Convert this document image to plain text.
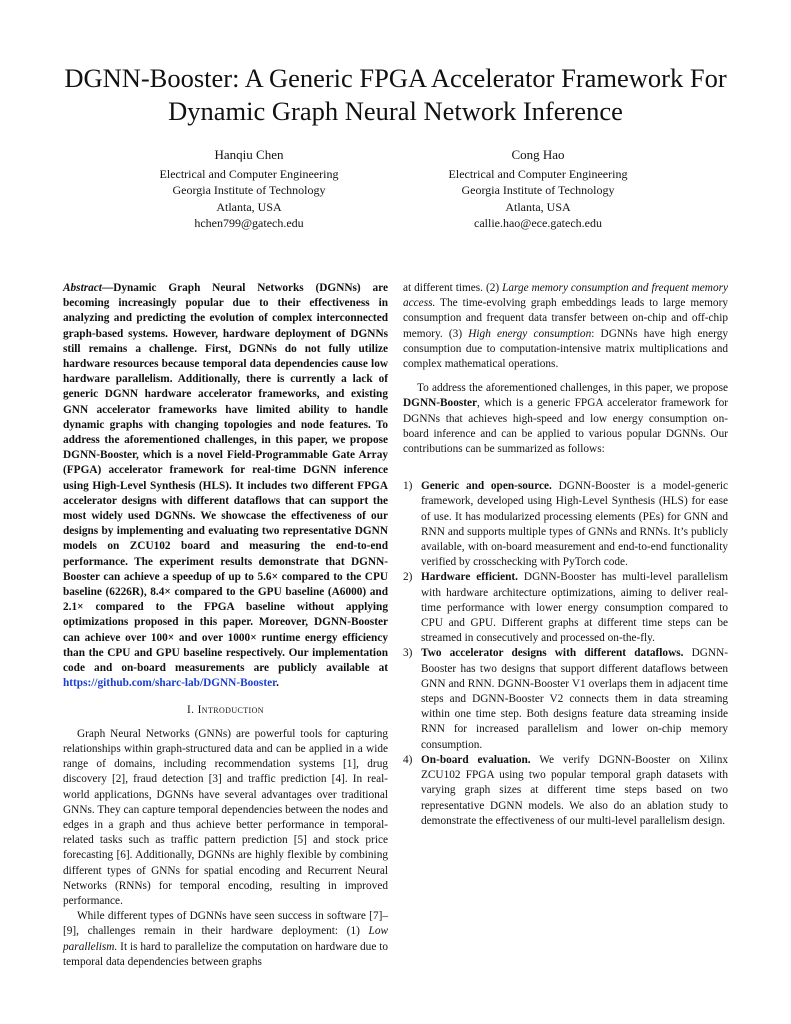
DGNN-Booster: A Generic FPGA Accelerator Framework For
Dynamic Graph Neural Network Inference
Hanqiu Chen
Electrical and Computer Engineering
Georgia Institute of Technology
Atlanta, USA
hchen799@gatech.edu
Cong Hao
Electrical and Computer Engineering
Georgia Institute of Technology
Atlanta, USA
callie.hao@ece.gatech.edu

Abstract—Dynamic Graph Neural Networks (DGNNs) are becoming increasingly popular due to their effectiveness in analyzing and predicting the evolution of complex interconnected graph-based systems. However, hardware deployment of DGNNs still remains a challenge. First, DGNNs do not fully utilize hardware resources because temporal data dependencies cause low hardware parallelism. Additionally, there is currently a lack of generic DGNN hardware accelerator frameworks, and existing GNN accelerator frameworks have limited ability to handle dynamic graphs with changing topologies and node features. To address the aforementioned challenges, in this paper, we propose DGNN-Booster, which is a novel Field-Programmable Gate Array (FPGA) accelerator framework for real-time DGNN inference using High-Level Synthesis (HLS). It includes two different FPGA accelerator designs with different dataflows that can support the most widely used DGNNs. We showcase the effectiveness of our designs by implementing and evaluating two representative DGNN models on ZCU102 board and measuring the end-to-end performance. The experiment results demonstrate that DGNN-Booster can achieve a speedup of up to 5.6× compared to the CPU baseline (6226R), 8.4× compared to the GPU baseline (A6000) and 2.1× compared to the FPGA baseline without applying optimizations proposed in this paper. Moreover, DGNN-Booster can achieve over 100× and over 1000× runtime energy efficiency than the CPU and GPU baseline respectively. Our implementation code and on-board measurements are publicly available at https://github.com/sharc-lab/DGNN-Booster.

I. Introduction

Graph Neural Networks (GNNs) are powerful tools for capturing relationships within graph-structured data and can be applied in a wide range of domains, including recommendation systems [1], drug discovery [2], fraud detection [3] and traffic prediction [4]. In real-world applications, DGNNs have several advantages over traditional GNNs. They can capture temporal dependencies between the nodes and edges in a graph and thus achieve better performance in temporal-related tasks such as traffic pattern prediction [5] and stock price forecasting [6]. Additionally, DGNNs are highly flexible by combining different types of GNNs for spatial encoding and Recurrent Neural Networks (RNNs) for temporal encoding, resulting in improved performance.

While different types of DGNNs have seen success in software [7]–[9], challenges remain in their hardware deployment: (1) Low parallelism. It is hard to parallelize the computation on hardware due to temporal data dependencies between graphs

at different times. (2) Large memory consumption and frequent memory access. The time-evolving graph embeddings leads to large memory consumption and frequent data transfer between on-chip and off-chip memory. (3) High energy consumption: DGNNs have high energy consumption due to computation-intensive matrix multiplications and complex mathematical operations.

To address the aforementioned challenges, in this paper, we propose DGNN-Booster, which is a generic FPGA accelerator framework for DGNNs that achieves high-speed and low energy consumption on-board inference and can be applied to various popular DGNNs. Our contributions can be summarized as follows:

1) Generic and open-source. DGNN-Booster is a model-generic framework, developed using High-Level Synthesis (HLS) for ease of use. It has modularized processing elements (PEs) for GNN and RNN and supports multiple types of GNNs and RNNs. It’s publicly available, with on-board measurement and end-to-end functionality verified by crosschecking with PyTorch code.
2) Hardware efficient. DGNN-Booster has multi-level parallelism with hardware architecture optimizations, aiming to deliver real-time performance with lower energy consumption compared to CPU and GPU. Different graphs at different time steps can be streamed in consecutively and processed on-the-fly.
3) Two accelerator designs with different dataflows. DGNN-Booster has two designs that support different dataflows between GNN and RNN. DGNN-Booster V1 overlaps them in adjacent time steps and DGNN-Booster V2 connects them in data streaming within one time step. Both designs feature data streaming inside RNN for increased parallelism and lower on-chip memory consumption.
4) On-board evaluation. We verify DGNN-Booster on Xilinx ZCU102 FPGA using two popular temporal graph datasets with varying graph sizes at different time steps based on two representative DGNN models. We also do an ablation study to demonstrate the effectiveness of our multi-level parallelism design.
